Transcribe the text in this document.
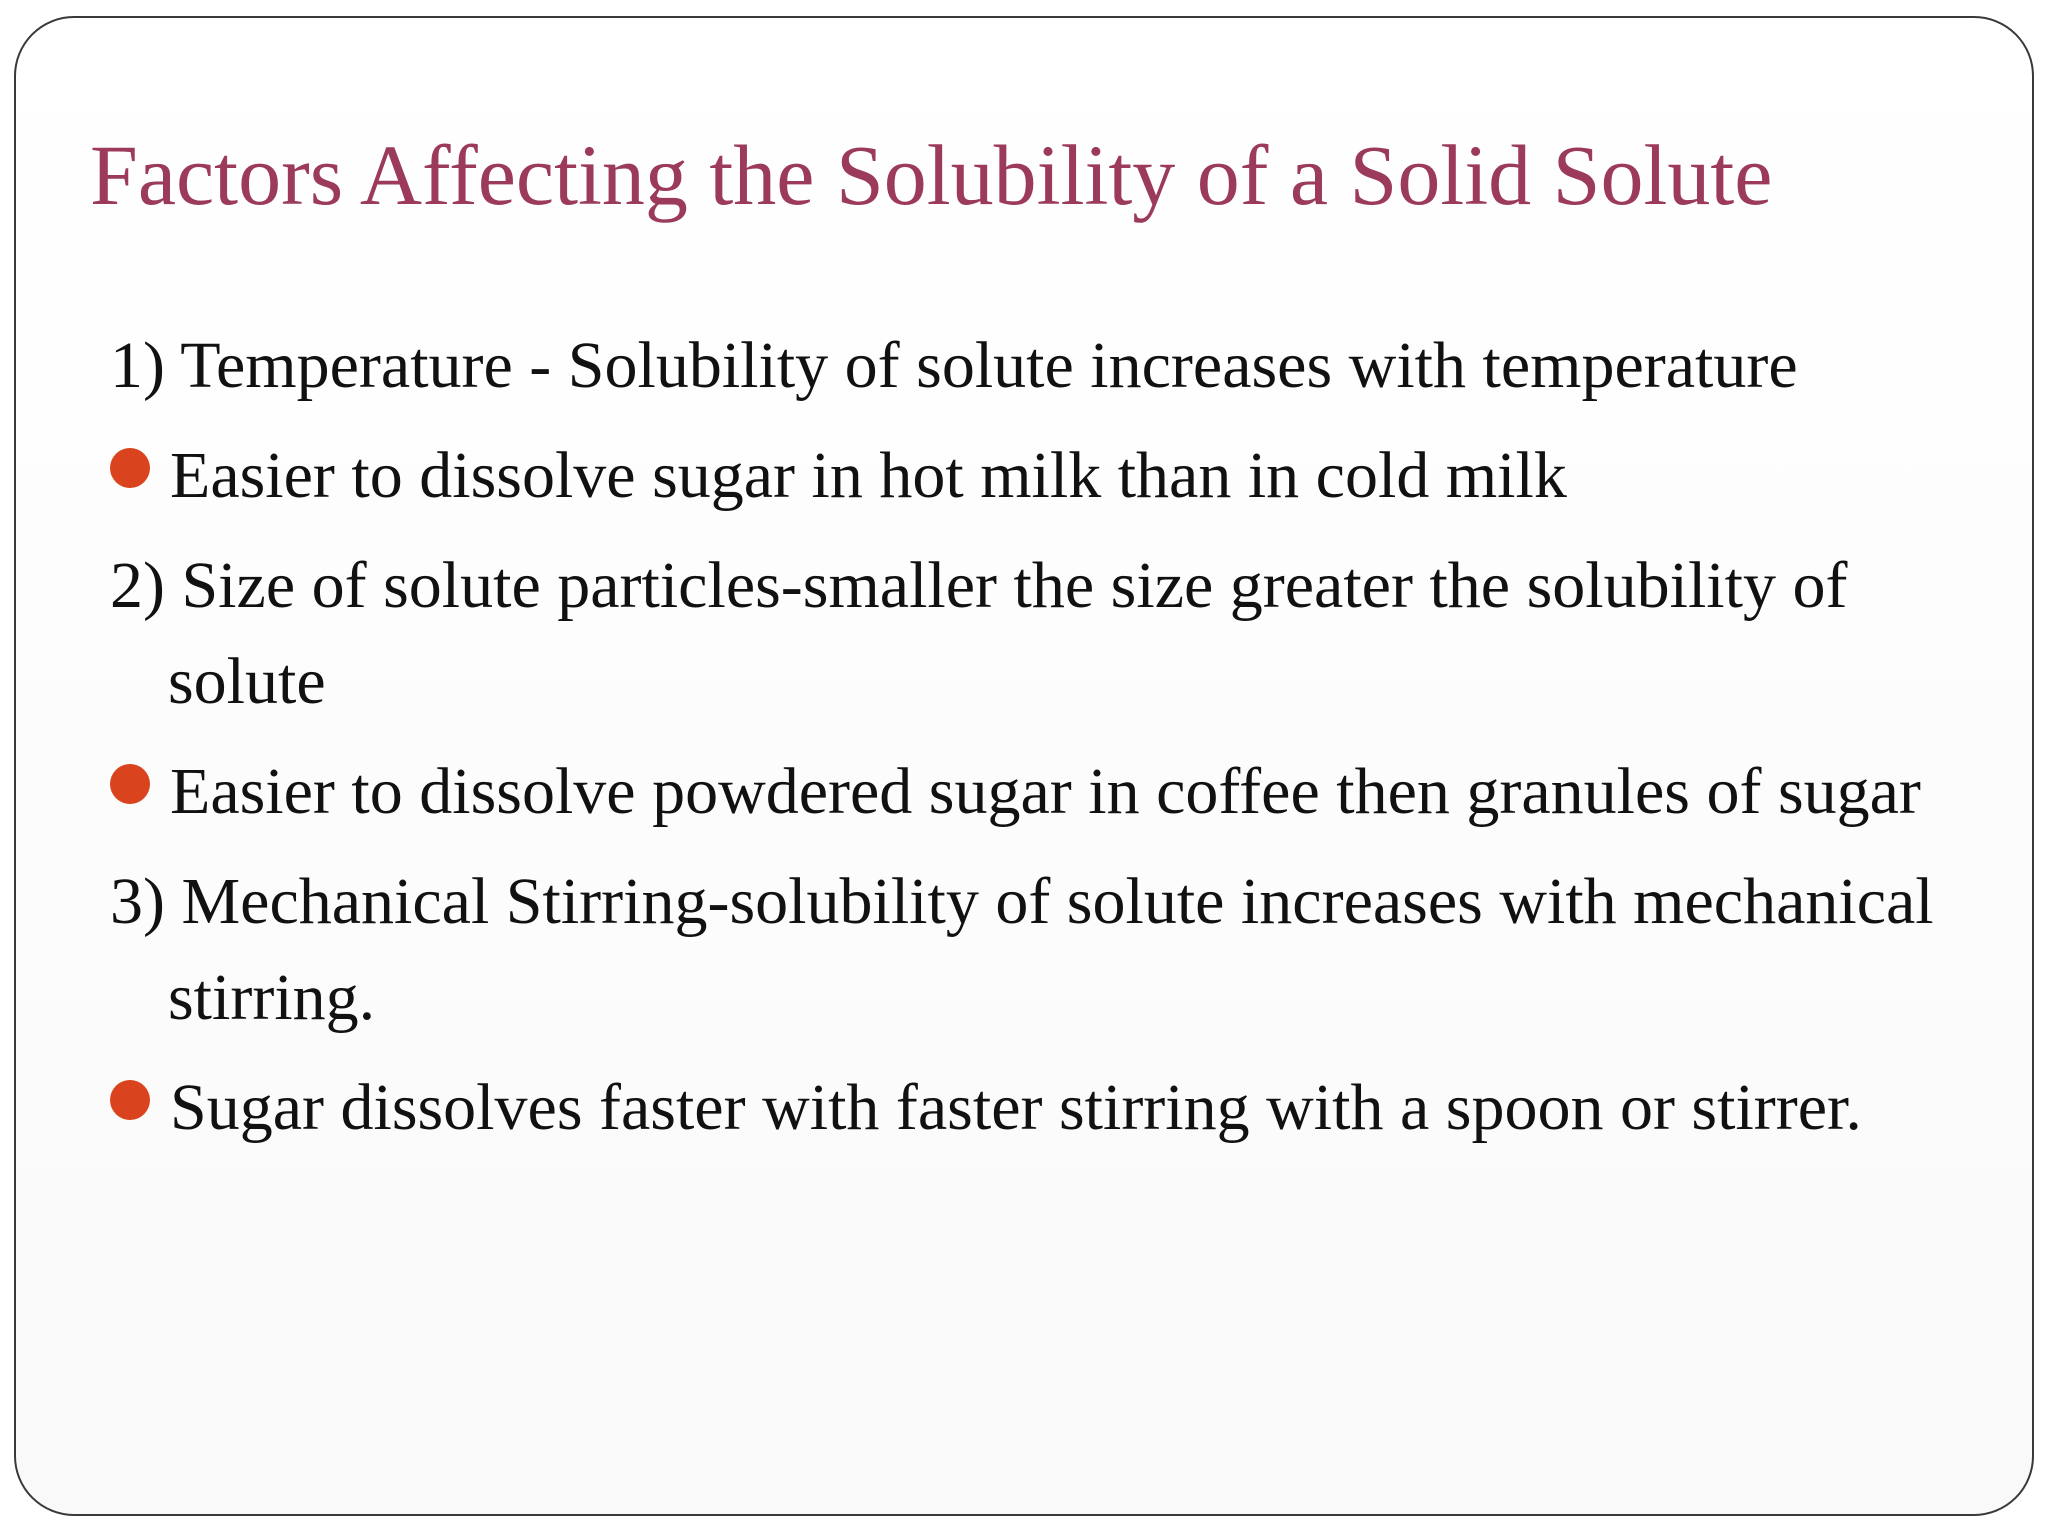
Factors Affecting the Solubility of a Solid Solute
1) Temperature - Solubility of solute increases with temperature
Easier to dissolve sugar in hot milk than in cold milk
2) Size of solute particles-smaller the size greater the solubility of solute
Easier to dissolve powdered sugar in coffee then granules of sugar
3) Mechanical Stirring-solubility of solute increases with mechanical stirring.
Sugar dissolves faster with faster stirring with a spoon or stirrer.
